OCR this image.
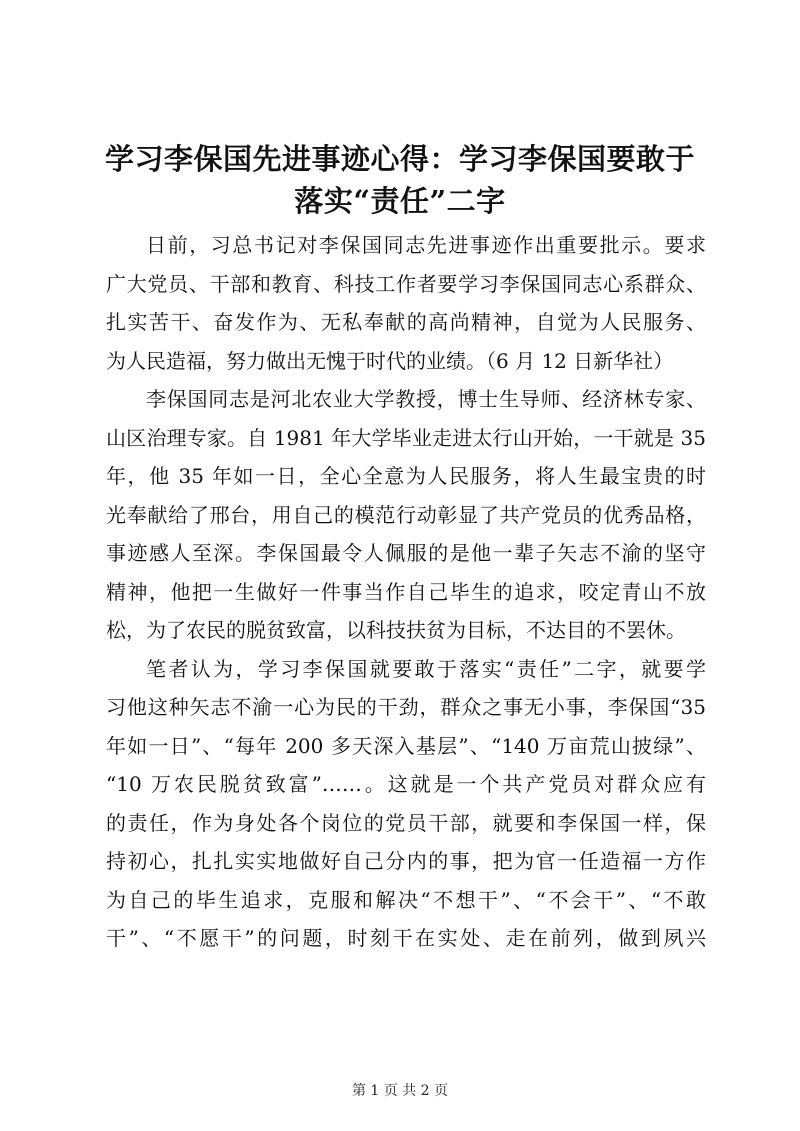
学习李保国先进事迹心得：学习李保国要敢于
落实“责任”二字
日前，习总书记对李保国同志先进事迹作出重要批示。要求
广大党员、干部和教育、科技工作者要学习李保国同志心系群众、
扎实苦干、奋发作为、无私奉献的高尚精神，自觉为人民服务、
为人民造福，努力做出无愧于时代的业绩。（6 月 12 日新华社）
李保国同志是河北农业大学教授，博士生导师、经济林专家、
山区治理专家。自 1981 年大学毕业走进太行山开始，一干就是 35
年，他 35 年如一日，全心全意为人民服务，将人生最宝贵的时
光奉献给了邢台，用自己的模范行动彰显了共产党员的优秀品格，
事迹感人至深。李保国最令人佩服的是他一辈子矢志不渝的坚守
精神，他把一生做好一件事当作自己毕生的追求，咬定青山不放
松，为了农民的脱贫致富，以科技扶贫为目标，不达目的不罢休。
笔者认为，学习李保国就要敢于落实“责任”二字，就要学
习他这种矢志不渝一心为民的干劲，群众之事无小事，李保国“35
年如一日”、“每年 200 多天深入基层”、“140 万亩荒山披绿”、
“10 万农民脱贫致富”……。这就是一个共产党员对群众应有
的责任，作为身处各个岗位的党员干部，就要和李保国一样，保
持初心，扎扎实实地做好自己分内的事，把为官一任造福一方作
为自己的毕生追求，克服和解决“不想干”、“不会干”、“不敢
干”、“不愿干”的问题，时刻干在实处、走在前列，做到夙兴
第 1 页 共 2 页
